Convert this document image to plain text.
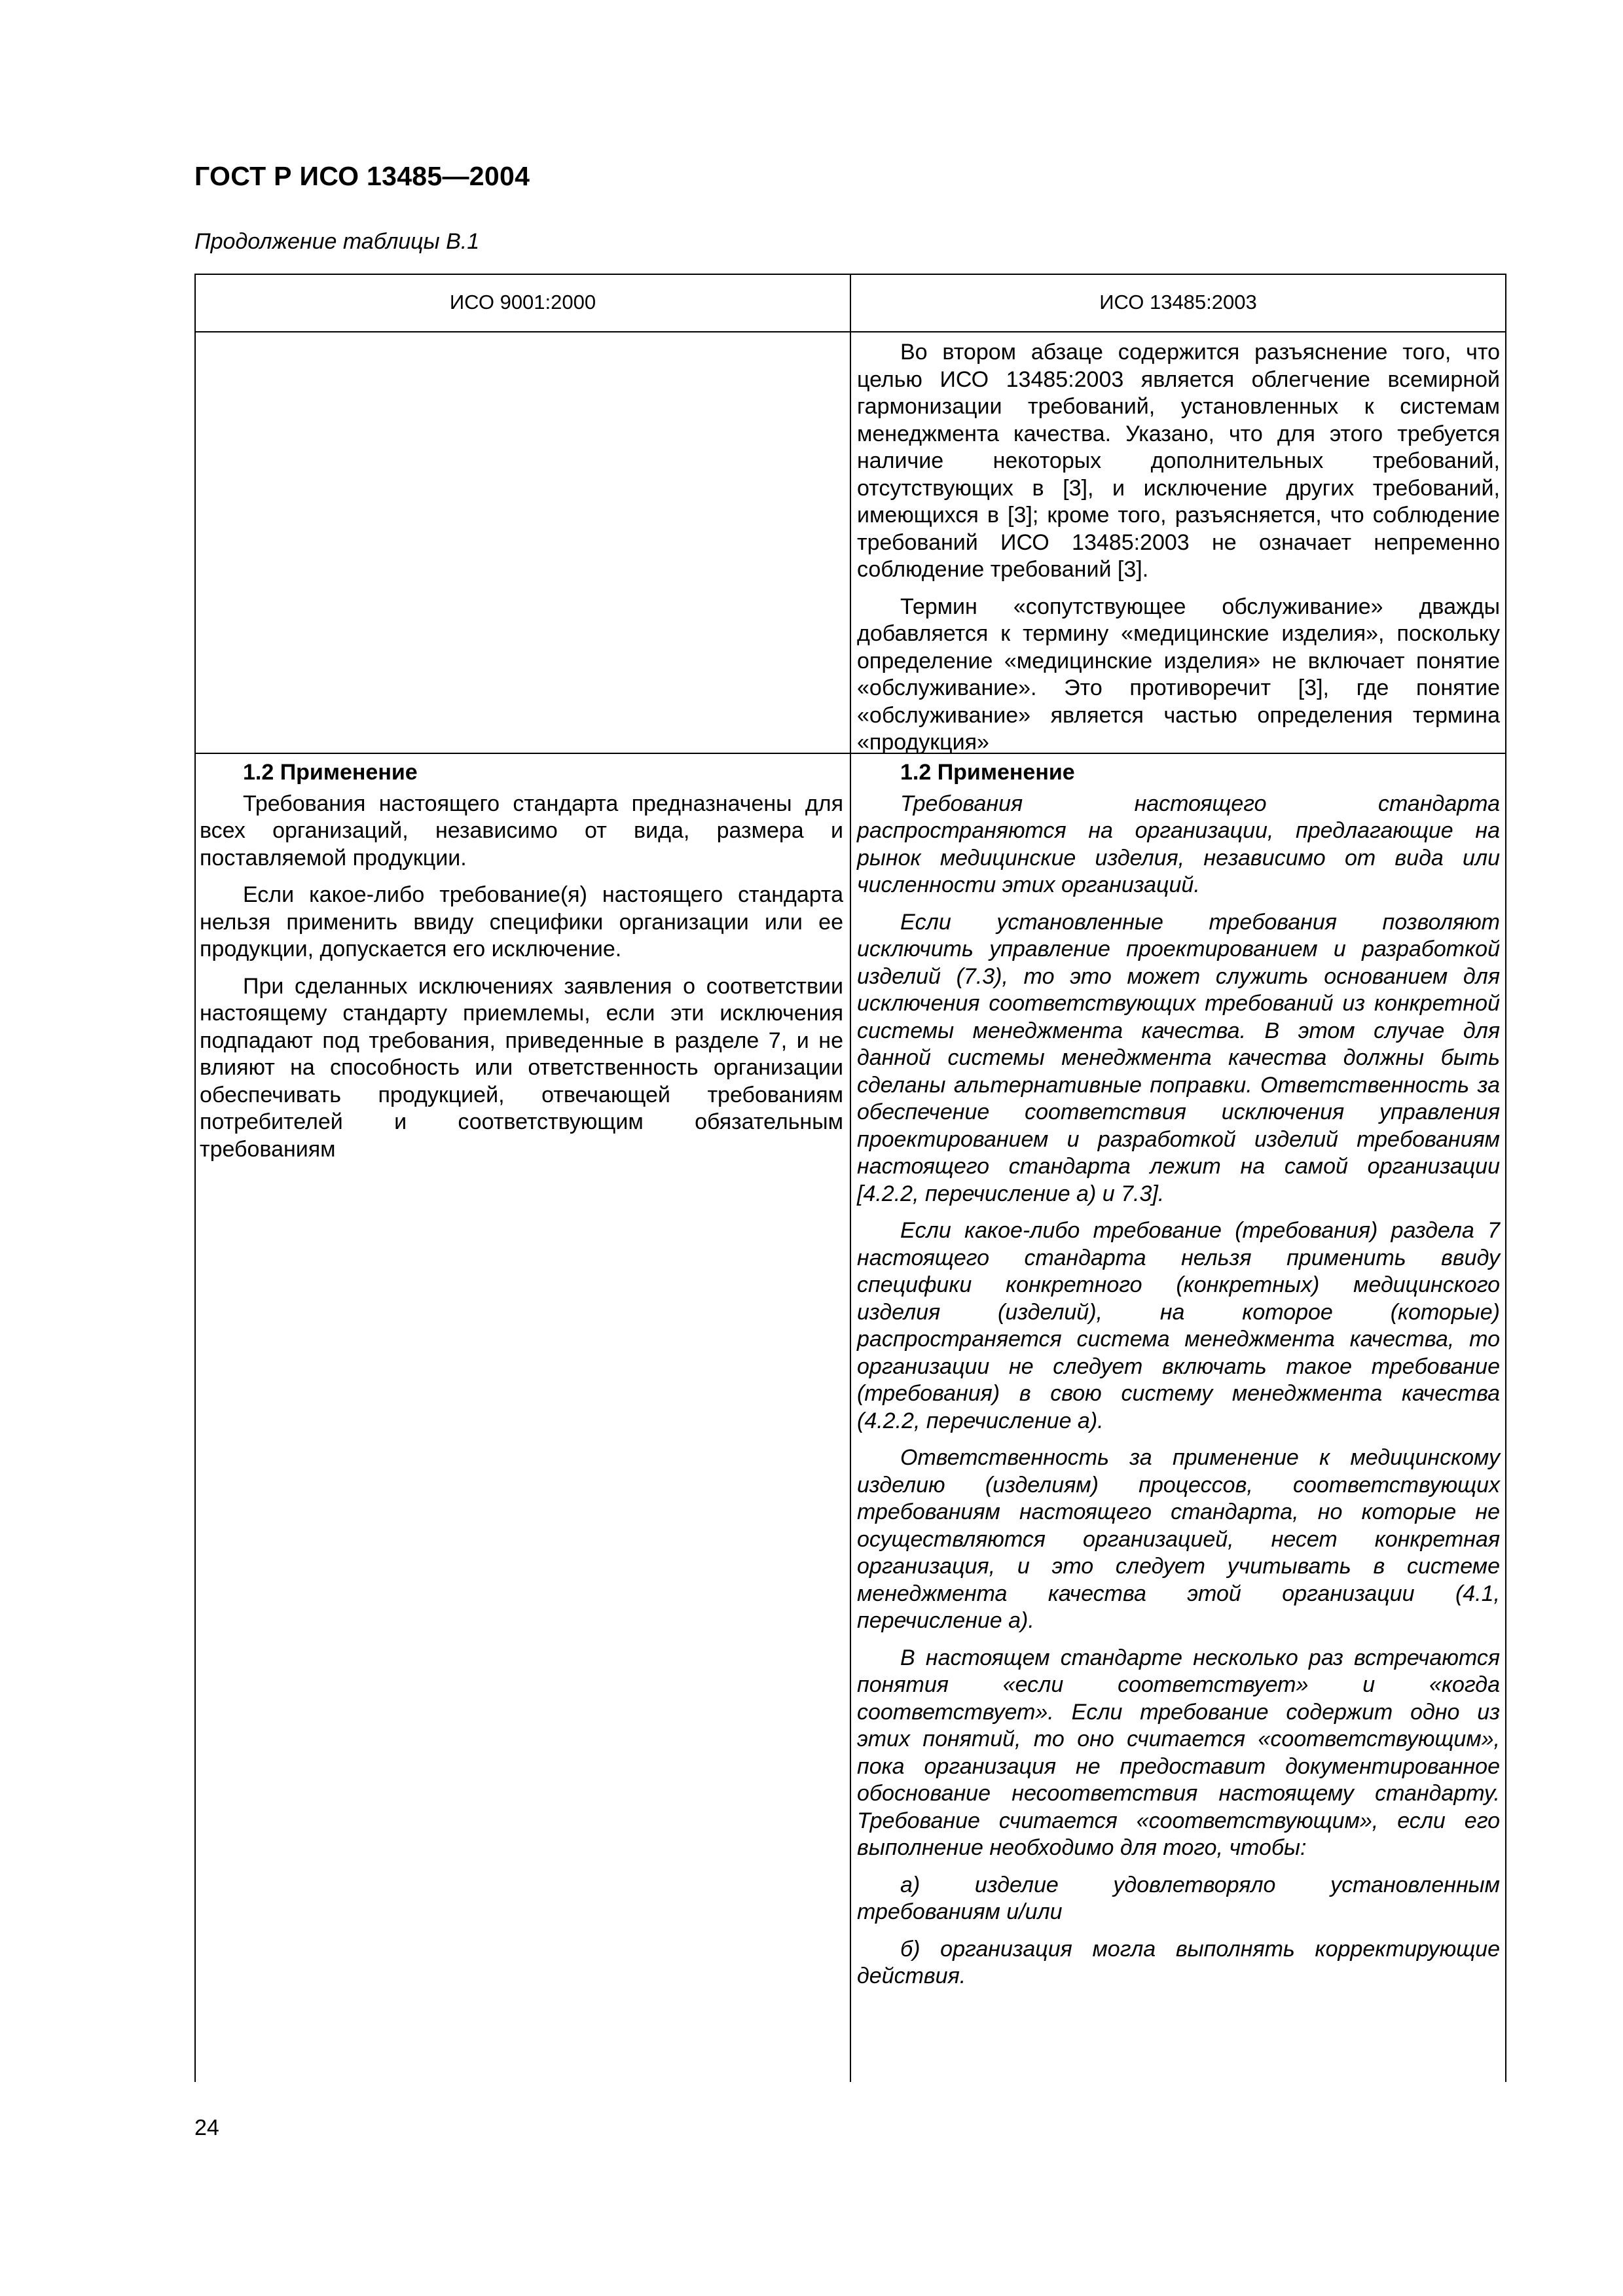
ГОСТ Р ИСО 13485—2004
Продолжение таблицы В.1
ИСО 9001:2000	ИСО 13485:2003

Во втором абзаце содержится разъяснение того, что целью ИСО 13485:2003 является облегчение всемирной гармонизации требований, установленных к системам менеджмента качества. Указано, что для этого требуется наличие некоторых дополнительных требований, отсутствующих в [3], и исключение других требований, имеющихся в [3]; кроме того, разъясняется, что соблюдение требований ИСО 13485:2003 не означает непременно соблюдение требований [3].

Термин «сопутствующее обслуживание» дважды добавляется к термину «медицинские изделия», поскольку определение «медицинские изделия» не включает понятие «обслуживание». Это противоречит [3], где понятие «обслуживание» является частью определения термина «продукция»

1.2 Применение

Требования настоящего стандарта предназначены для всех организаций, независимо от вида, размера и поставляемой продукции.

Если какое-либо требование(я) настоящего стандарта нельзя применить ввиду специфики организации или ее продукции, допускается его исключение.

При сделанных исключениях заявления о соответствии настоящему стандарту приемлемы, если эти исключения подпадают под требования, приведенные в разделе 7, и не влияют на способность или ответственность организации обеспечивать продукцией, отвечающей требованиям потребителей и соответствующим обязательным требованиям

1.2 Применение

Требования настоящего стандарта распространяются на организации, предлагающие на рынок медицинские изделия, независимо от вида или численности этих организаций.

Если установленные требования позволяют исключить управление проектированием и разработкой изделий (7.3), то это может служить основанием для исключения соответствующих требований из конкретной системы менеджмента качества. В этом случае для данной системы менеджмента качества должны быть сделаны альтернативные поправки. Ответственность за обеспечение соответствия исключения управления проектированием и разработкой изделий требованиям настоящего стандарта лежит на самой организации [4.2.2, перечисление а) и 7.3].

Если какое-либо требование (требования) раздела 7 настоящего стандарта нельзя применить ввиду специфики конкретного (конкретных) медицинского изделия (изделий), на которое (которые) распространяется система менеджмента качества, то организации не следует включать такое требование (требования) в свою систему менеджмента качества (4.2.2, перечисление а).

Ответственность за применение к медицинскому изделию (изделиям) процессов, соответствующих требованиям настоящего стандарта, но которые не осуществляются организацией, несет конкретная организация, и это следует учитывать в системе менеджмента качества этой организации (4.1, перечисление а).

В настоящем стандарте несколько раз встречаются понятия «если соответствует» и «когда соответствует». Если требование содержит одно из этих понятий, то оно считается «соответствующим», пока организация не предоставит документированное обоснование несоответствия настоящему стандарту. Требование считается «соответствующим», если его выполнение необходимо для того, чтобы:

а) изделие удовлетворяло установленным требованиям и/или

б) организация могла выполнять корректирующие действия.

24
